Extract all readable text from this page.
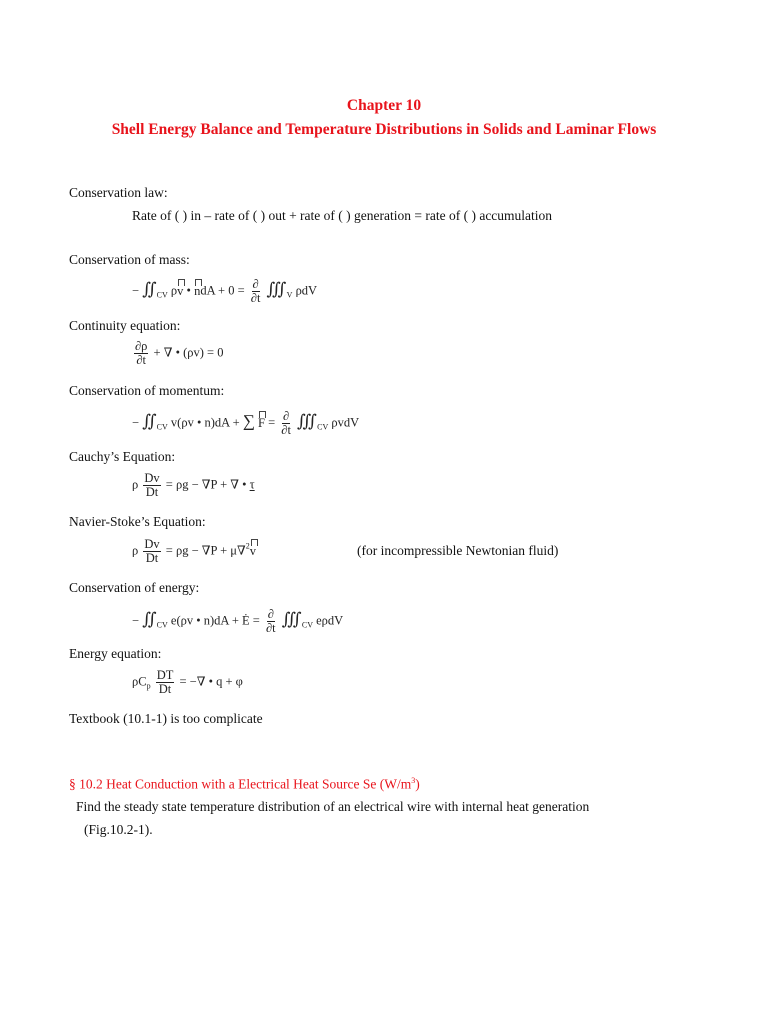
Chapter 10
Shell Energy Balance and Temperature Distributions in Solids and Laminar Flows
Conservation law:
Rate of ( ) in – rate of ( ) out + rate of ( ) generation = rate of ( ) accumulation
Conservation of mass:
− $∬_{CV}$ ρv • ndA + $0 = \frac{\partial}{\partial t}$ $∭_V$ ρdV
Continuity equation:
$\frac{\partial\rho}{\partial t}$ + ∇ • (ρv) = 0
Conservation of momentum:
− $∬_{CV}$ v(ρv • n)dA + ∑ $F = \frac{\partial}{\partial t}$ $∭_{CV}$ ρvdV
Cauchy’s Equation:
ρ $\frac{Dv}{Dt} = \rho g - \nabla P$ + ∇ • τ
Navier-Stoke’s Equation:
ρ $\frac{Dv}{Dt} = \rho g - \nabla P + \mu\nabla^2v$	(for incompressible Newtonian fluid)
Conservation of energy:
− $∬_{CV}$ e(ρv • n)dA + Ė = $\frac{\partial}{\partial t}$ $∭_{CV}$ eρdV
Energy equation:
$\rho C_p \frac{DT}{Dt}$ = −∇ • q + φ
Textbook (10.1-1) is too complicate
§ 10.2 Heat Conduction with a Electrical Heat Source Se $(W/m^3)$
Find the steady state temperature distribution of an electrical wire with internal heat generation
(Fig.10.2-1).
